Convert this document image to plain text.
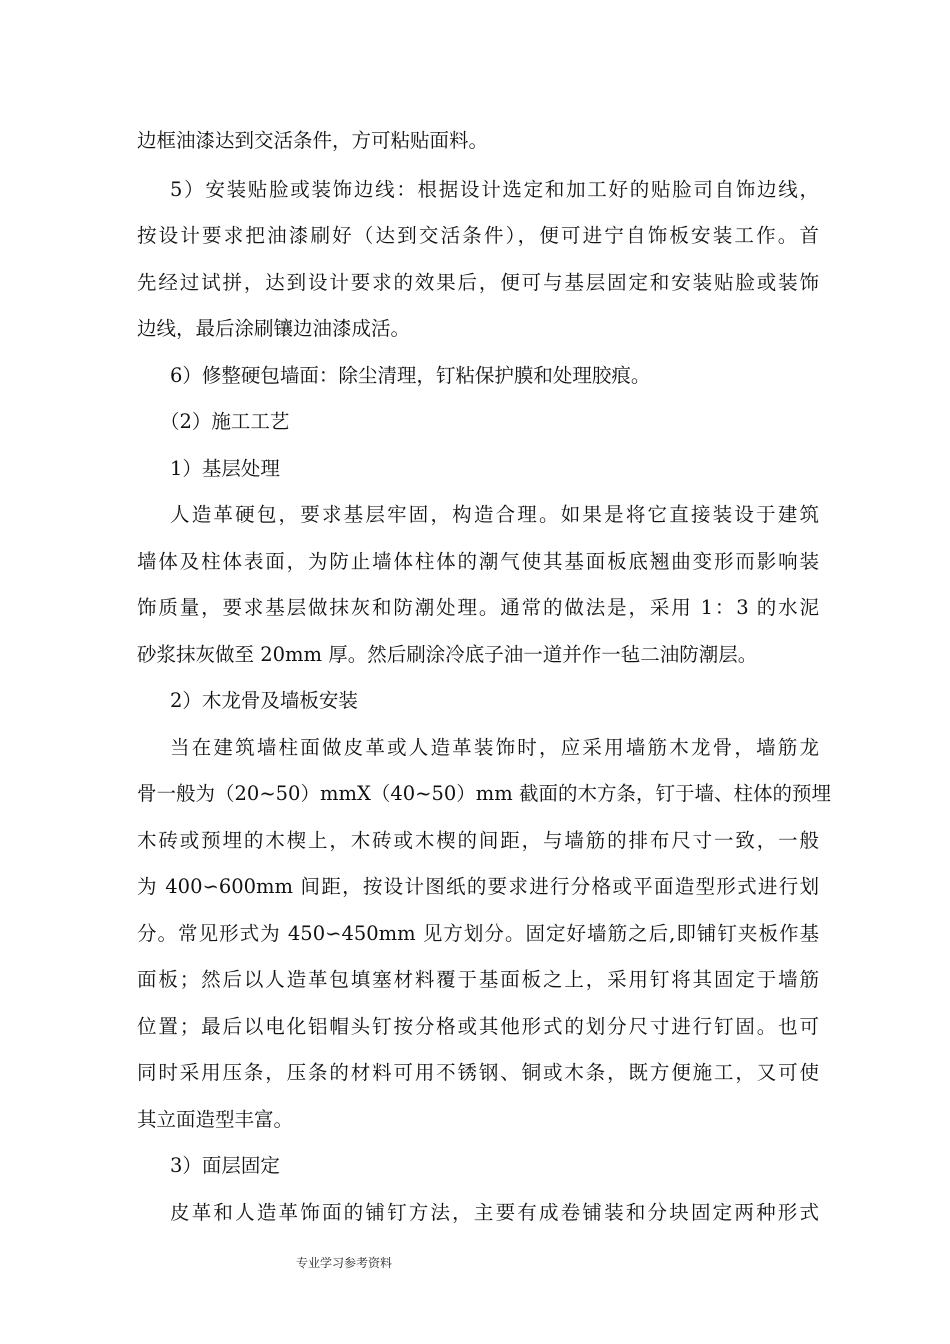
边框油漆达到交活条件，方可粘贴面料。
5）安装贴脸或装饰边线：根据设计选定和加工好的贴脸司自饰边线，
按设计要求把油漆刷好（达到交活条件），便可进宁自饰板安装工作。首
先经过试拼，达到设计要求的效果后，便可与基层固定和安装贴脸或装饰
边线，最后涂刷镶边油漆成活。
6）修整硬包墙面：除尘清理，钉粘保护膜和处理胶痕。
（2）施工工艺
1）基层处理
人造革硬包，要求基层牢固，构造合理。如果是将它直接装设于建筑
墙体及柱体表面，为防止墙体柱体的潮气使其基面板底翘曲变形而影响装
饰质量，要求基层做抹灰和防潮处理。通常的做法是，采用 1：3 的水泥
砂浆抹灰做至 20mm 厚。然后刷涂冷底子油一道并作一毡二油防潮层。
2）木龙骨及墙板安装
当在建筑墙柱面做皮革或人造革装饰时，应采用墙筋木龙骨，墙筋龙
骨一般为（20~50）mmX（40~50）mm 截面的木方条，钉于墙、柱体的预埋
木砖或预埋的木楔上，木砖或木楔的间距，与墙筋的排布尺寸一致，一般
为 400∽600mm 间距，按设计图纸的要求进行分格或平面造型形式进行划
分。常见形式为 450∽450mm 见方划分。固定好墙筋之后,即铺钉夹板作基
面板；然后以人造革包填塞材料覆于基面板之上，采用钉将其固定于墙筋
位置；最后以电化铝帽头钉按分格或其他形式的划分尺寸进行钉固。也可
同时采用压条，压条的材料可用不锈钢、铜或木条，既方便施工，又可使
其立面造型丰富。
3）面层固定
皮革和人造革饰面的铺钉方法，主要有成卷铺装和分块固定两种形式
专业学习参考资料
